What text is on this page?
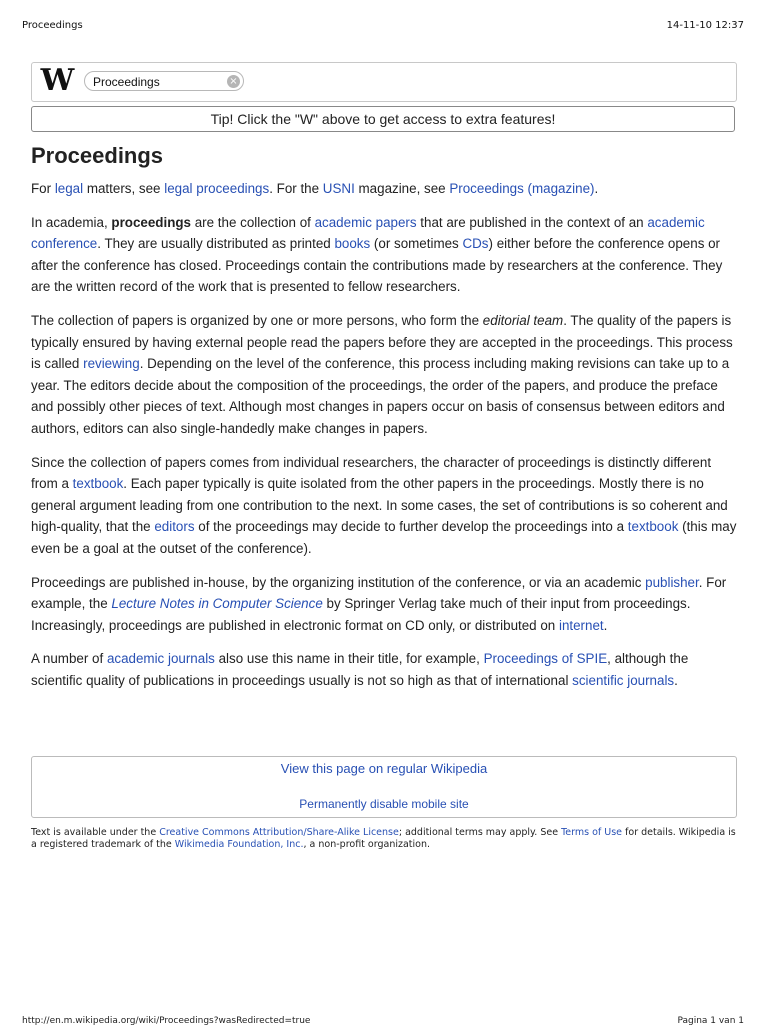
Proceedings	14-11-10 12:37
W	Proceedings	×
Tip! Click the "W" above to get access to extra features!
Proceedings

For legal matters, see legal proceedings. For the USNI magazine, see Proceedings (magazine).

In academia, proceedings are the collection of academic papers that are published in the context of an academic conference. They are usually distributed as printed books (or sometimes CDs) either before the conference opens or after the conference has closed. Proceedings contain the contributions made by researchers at the conference. They are the written record of the work that is presented to fellow researchers.

The collection of papers is organized by one or more persons, who form the editorial team. The quality of the papers is typically ensured by having external people read the papers before they are accepted in the proceedings. This process is called reviewing. Depending on the level of the conference, this process including making revisions can take up to a year. The editors decide about the composition of the proceedings, the order of the papers, and produce the preface and possibly other pieces of text. Although most changes in papers occur on basis of consensus between editors and authors, editors can also single-handedly make changes in papers.

Since the collection of papers comes from individual researchers, the character of proceedings is distinctly different from a textbook. Each paper typically is quite isolated from the other papers in the proceedings. Mostly there is no general argument leading from one contribution to the next. In some cases, the set of contributions is so coherent and high-quality, that the editors of the proceedings may decide to further develop the proceedings into a textbook (this may even be a goal at the outset of the conference).

Proceedings are published in-house, by the organizing institution of the conference, or via an academic publisher. For example, the Lecture Notes in Computer Science by Springer Verlag take much of their input from proceedings. Increasingly, proceedings are published in electronic format on CD only, or distributed on internet.

A number of academic journals also use this name in their title, for example, Proceedings of SPIE, although the scientific quality of publications in proceedings usually is not so high as that of international scientific journals.

View this page on regular Wikipedia
Permanently disable mobile site
Text is available under the Creative Commons Attribution/Share-Alike License; additional terms may apply. See Terms of Use for details. Wikipedia is a registered trademark of the Wikimedia Foundation, Inc., a non-profit organization.
http://en.m.wikipedia.org/wiki/Proceedings?wasRedirected=true	Pagina 1 van 1
